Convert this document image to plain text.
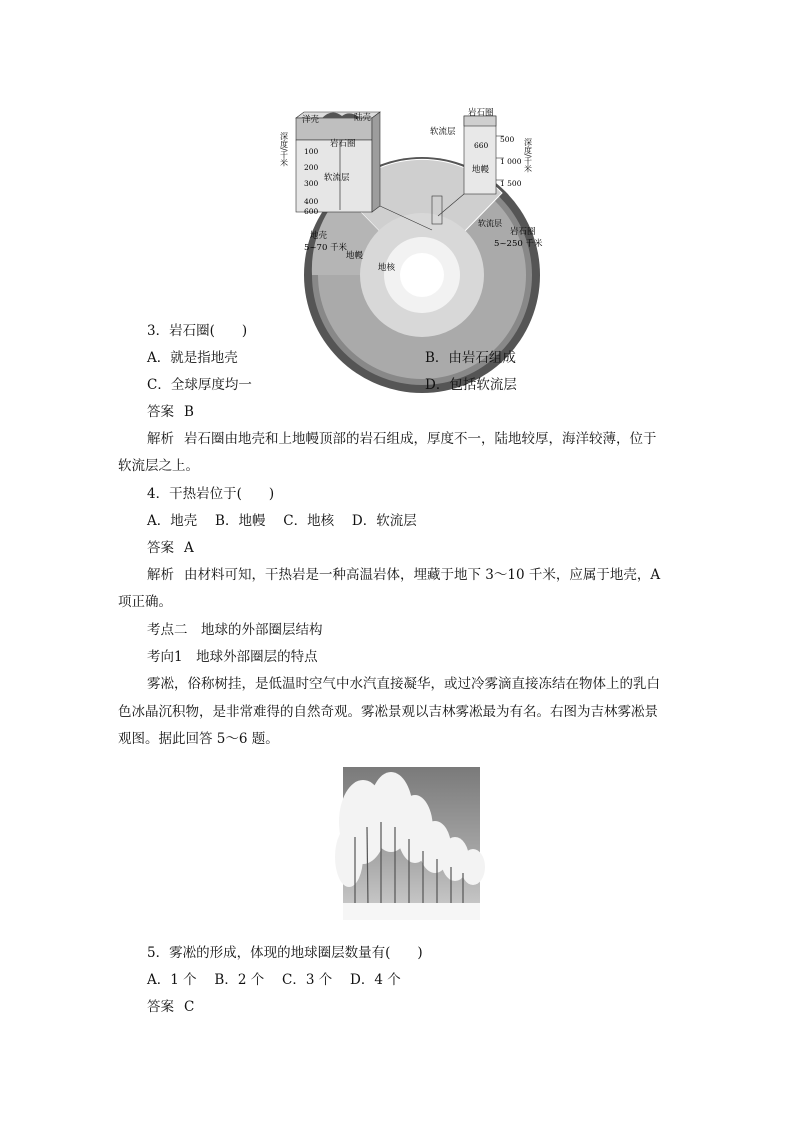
洋壳	陆壳
岩石圈
软流层
深度/千米 100
200
300
400
600
地壳
5~70 千米
地幔
地核
岩石圈
软流层
660
500
1 000
1 500
深度/千米
地幔
岩石圈
5~250 千米
软流层
3．岩石圈(　　)
A．就是指地壳	B．由岩石组成
C．全球厚度均一	D．包括软流层
答案 B
解析 岩石圈由地壳和上地幔顶部的岩石组成，厚度不一，陆地较厚，海洋较薄，位于
软流层之上。
4．干热岩位于(　　)
A．地壳　 B．地幔　 C．地核　 D．软流层
答案 A
解析 由材料可知，干热岩是一种高温岩体，埋藏于地下 3～10 千米，应属于地壳，A
项正确。
考点二　地球的外部圈层结构
考向1　地球外部圈层的特点
雾凇，俗称树挂，是低温时空气中水汽直接凝华，或过冷雾滴直接冻结在物体上的乳白
色冰晶沉积物，是非常难得的自然奇观。雾凇景观以吉林雾凇最为有名。右图为吉林雾凇景
观图。据此回答 5～6 题。
5．雾凇的形成，体现的地球圈层数量有(　　)
A．1 个　 B．2 个　 C．3 个　 D．4 个
答案 C
